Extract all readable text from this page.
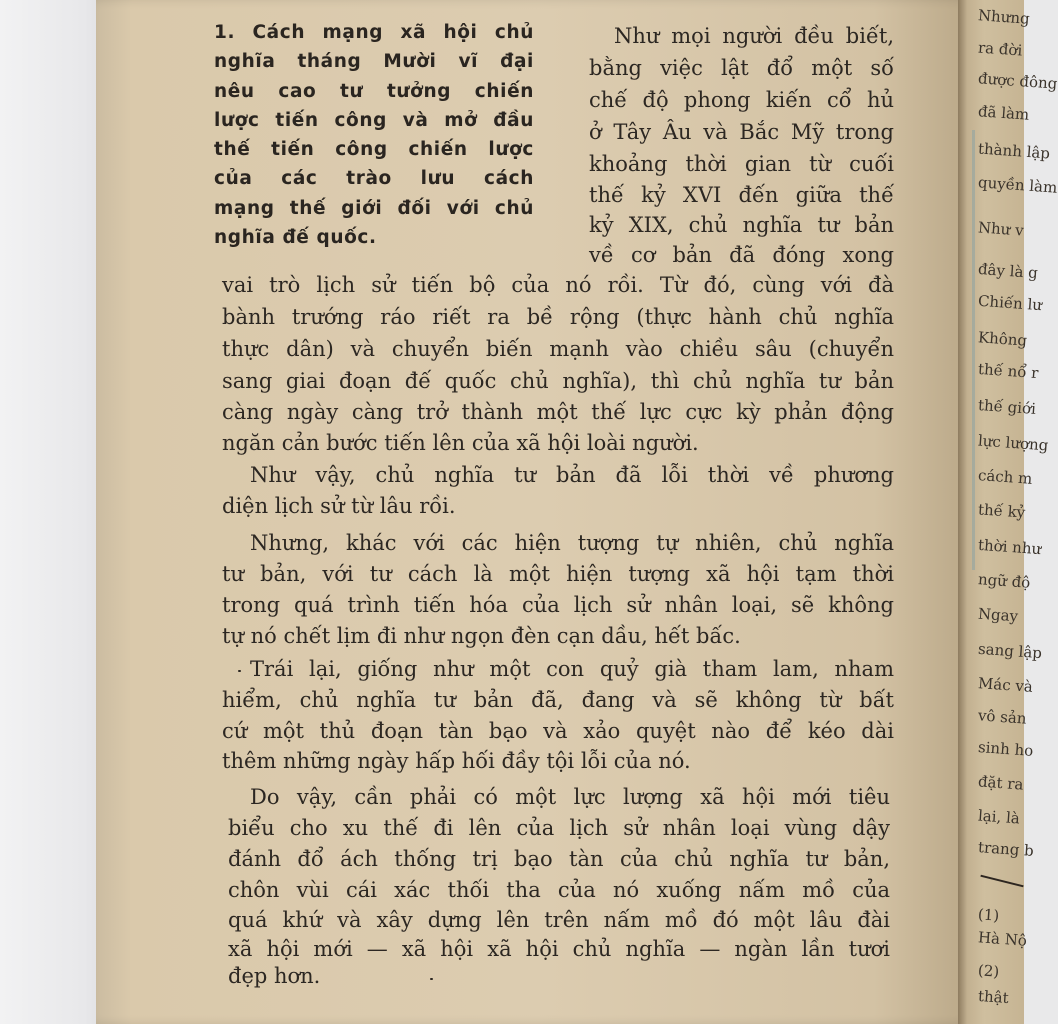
Nhưng
ra đời
được đông
đã làm
thành lập
quyền làm
Như v
đây là g
Chiến lư
Không
thế nổ r
thế giới
lực lượng
cách m
thế kỷ
thời như
ngữ độ
Ngay
sang lập
Mác và
vô sản
sinh ho
đặt ra
lại, là
trang b
(1)
Hà Nộ
(2)
thật
1. Cách mạng xã hội chủ
nghĩa tháng Mười vĩ đại
nêu cao tư tưởng chiến
lược tiến công và mở đầu
thế tiến công chiến lược
của các trào lưu cách
mạng thế giới đối với chủ
nghĩa đế quốc.
Như mọi người đều biết,
bằng việc lật đổ một số
chế độ phong kiến cổ hủ
ở Tây Âu và Bắc Mỹ trong
khoảng thời gian từ cuối
thế kỷ XVI đến giữa thế
kỷ XIX, chủ nghĩa tư bản
về cơ bản đã đóng xong
vai trò lịch sử tiến bộ của nó rồi. Từ đó, cùng với đà
bành trướng ráo riết ra bề rộng (thực hành chủ nghĩa
thực dân) và chuyển biến mạnh vào chiều sâu (chuyển
sang giai đoạn đế quốc chủ nghĩa), thì chủ nghĩa tư bản
càng ngày càng trở thành một thế lực cực kỳ phản động
ngăn cản bước tiến lên của xã hội loài người.
Như vậy, chủ nghĩa tư bản đã lỗi thời về phương
diện lịch sử từ lâu rồi.
Nhưng, khác với các hiện tượng tự nhiên, chủ nghĩa
tư bản, với tư cách là một hiện tượng xã hội tạm thời
trong quá trình tiến hóa của lịch sử nhân loại, sẽ không
tự nó chết lịm đi như ngọn đèn cạn dầu, hết bấc.
Trái lại, giống như một con quỷ già tham lam, nham
hiểm, chủ nghĩa tư bản đã, đang và sẽ không từ bất
cứ một thủ đoạn tàn bạo và xảo quyệt nào để kéo dài
thêm những ngày hấp hối đầy tội lỗi của nó.
Do vậy, cần phải có một lực lượng xã hội mới tiêu
biểu cho xu thế đi lên của lịch sử nhân loại vùng dậy
đánh đổ ách thống trị bạo tàn của chủ nghĩa tư bản,
chôn vùi cái xác thối tha của nó xuống nấm mồ của
quá khứ và xây dựng lên trên nấm mồ đó một lâu đài
xã hội mới — xã hội xã hội chủ nghĩa — ngàn lần tươi
đẹp hơn.
